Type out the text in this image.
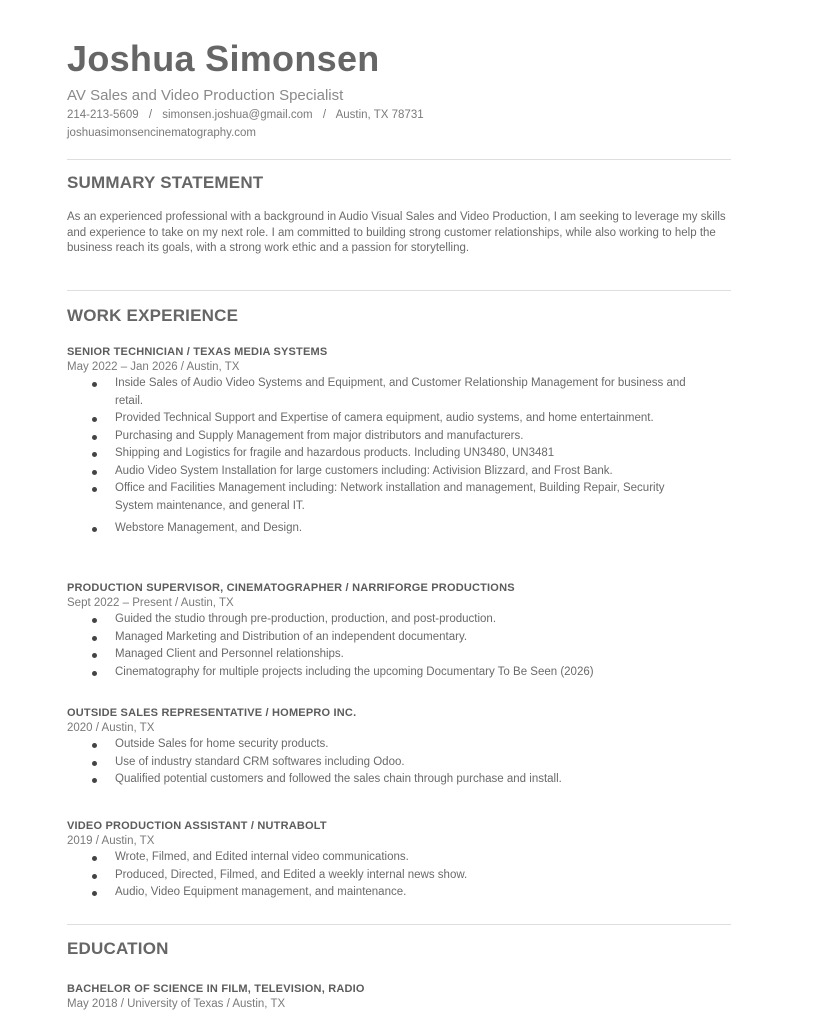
Joshua Simonsen
AV Sales and Video Production Specialist
214-213-5609 / simonsen.joshua@gmail.com / Austin, TX 78731
joshuasimonsencinematography.com
SUMMARY STATEMENT

As an experienced professional with a background in Audio Visual Sales and Video Production, I am seeking to leverage my skills and experience to take on my next role. I am committed to building strong customer relationships, while also working to help the business reach its goals, with a strong work ethic and a passion for storytelling.

WORK EXPERIENCE
SENIOR TECHNICIAN / TEXAS MEDIA SYSTEMS
May 2022 – Jan 2026 / Austin, TX
Inside Sales of Audio Video Systems and Equipment, and Customer Relationship Management for business and retail.
Provided Technical Support and Expertise of camera equipment, audio systems, and home entertainment.
Purchasing and Supply Management from major distributors and manufacturers.
Shipping and Logistics for fragile and hazardous products. Including UN3480, UN3481
Audio Video System Installation for large customers including: Activision Blizzard, and Frost Bank.
Office and Facilities Management including: Network installation and management, Building Repair, Security System maintenance, and general IT.
Webstore Management, and Design.
PRODUCTION SUPERVISOR, CINEMATOGRAPHER / NARRIFORGE PRODUCTIONS
Sept 2022 – Present / Austin, TX
Guided the studio through pre-production, production, and post-production.
Managed Marketing and Distribution of an independent documentary.
Managed Client and Personnel relationships.
Cinematography for multiple projects including the upcoming Documentary To Be Seen (2026)
OUTSIDE SALES REPRESENTATIVE / HOMEPRO INC.
2020 / Austin, TX
Outside Sales for home security products.
Use of industry standard CRM softwares including Odoo.
Qualified potential customers and followed the sales chain through purchase and install.
VIDEO PRODUCTION ASSISTANT / NUTRABOLT
2019 / Austin, TX
Wrote, Filmed, and Edited internal video communications.
Produced, Directed, Filmed, and Edited a weekly internal news show.
Audio, Video Equipment management, and maintenance.
EDUCATION
BACHELOR OF SCIENCE IN FILM, TELEVISION, RADIO
May 2018 / University of Texas / Austin, TX
